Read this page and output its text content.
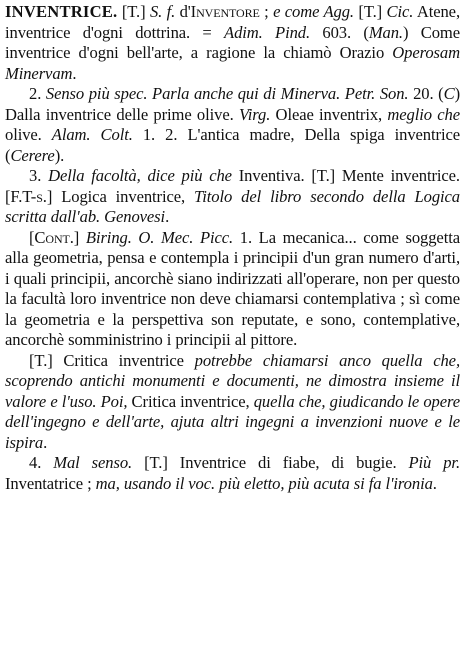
INVENTRICE. [T.] S. f. d'Inventore ; e come Agg. [T.] Cic. Atene, inventrice d'ogni dottrina. = Adim. Pind. 603. (Man.) Come inventrice d'ogni bell'arte, a ragione la chiamò Orazio Operosam Minervam.

2. Senso più spec. Parla anche qui di Minerva. Petr. Son. 20. (C) Dalla inventrice delle prime olive. Virg. Oleae inventrix, meglio che olive. Alam. Colt. 1. 2. L'antica madre, Della spiga inventrice (Cerere).

3. Della facoltà, dice più che Inventiva. [T.] Mente inventrice. [F.T-s.] Logica inventrice, Titolo del libro secondo della Logica scritta dall'ab. Genovesi.

[Cont.] Biring. O. Mec. Picc. 1. La mecanica... come soggetta alla geometria, pensa e contempla i principii d'un gran numero d'arti, i quali principii, ancorchè siano indirizzati all'operare, non per questo la facultà loro inventrice non deve chiamarsi contemplativa ; sì come la geometria e la perspettiva son reputate, e sono, contemplative, ancorchè somministrino i principii al pittore.

[T.] Critica inventrice potrebbe chiamarsi anco quella che, scoprendo antichi monumenti e documenti, ne dimostra insieme il valore e l'uso. Poi, Critica inventrice, quella che, giudicando le opere dell'ingegno e dell'arte, ajuta altri ingegni a invenzioni nuove e le ispira.

4. Mal senso. [T.] Inventrice di fiabe, di bugie. Più pr. Inventatrice ; ma, usando il voc. più eletto, più acuta si fa l'ironia.
